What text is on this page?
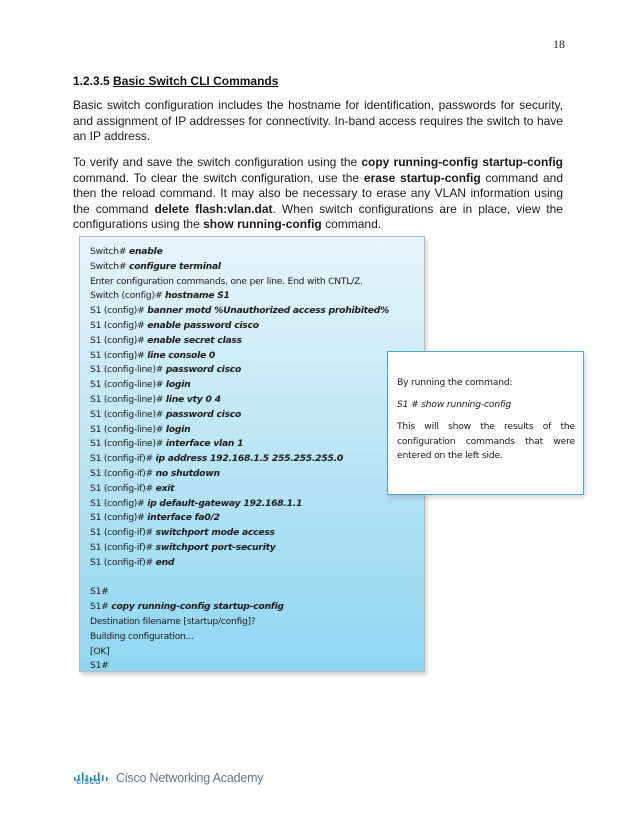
18
1.2.3.5 Basic Switch CLI Commands
Basic switch configuration includes the hostname for identification, passwords for security, and assignment of IP addresses for connectivity. In-band access requires the switch to have an IP address.
To verify and save the switch configuration using the copy running-config startup-config command. To clear the switch configuration, use the erase startup-config command and then the reload command. It may also be necessary to erase any VLAN information using the command delete flash:vlan.dat. When switch configurations are in place, view the configurations using the show running-config command.
Switch# enable
Switch# configure terminal
Enter configuration commands, one per line. End with CNTL/Z.
Switch (config)# hostname S1
S1 (config)# banner motd %Unauthorized access prohibited%
S1 (config)# enable password cisco
S1 (config)# enable secret class
S1 (config)# line console 0
S1 (config-line)# password cisco
S1 (config-line)# login
S1 (config-line)# line vty 0 4
S1 (config-line)# password cisco
S1 (config-line)# login
S1 (config-line)# interface vlan 1
S1 (config-if)# ip address 192.168.1.5 255.255.255.0
S1 (config-if)# no shutdown
S1 (config-if)# exit
S1 (config)# ip default-gateway 192.168.1.1
S1 (config)# interface fa0/2
S1 (config-if)# switchport mode access
S1 (config-if)# switchport port-security
S1 (config-if)# end
S1#
S1# copy running-config startup-config
Destination filename [startup/config]?
Building configuration...
[OK]
S1#
By running the command:
S1 # show running-config
This will show the results of the configuration commands that were entered on the left side.
CISCO Cisco Networking Academy
